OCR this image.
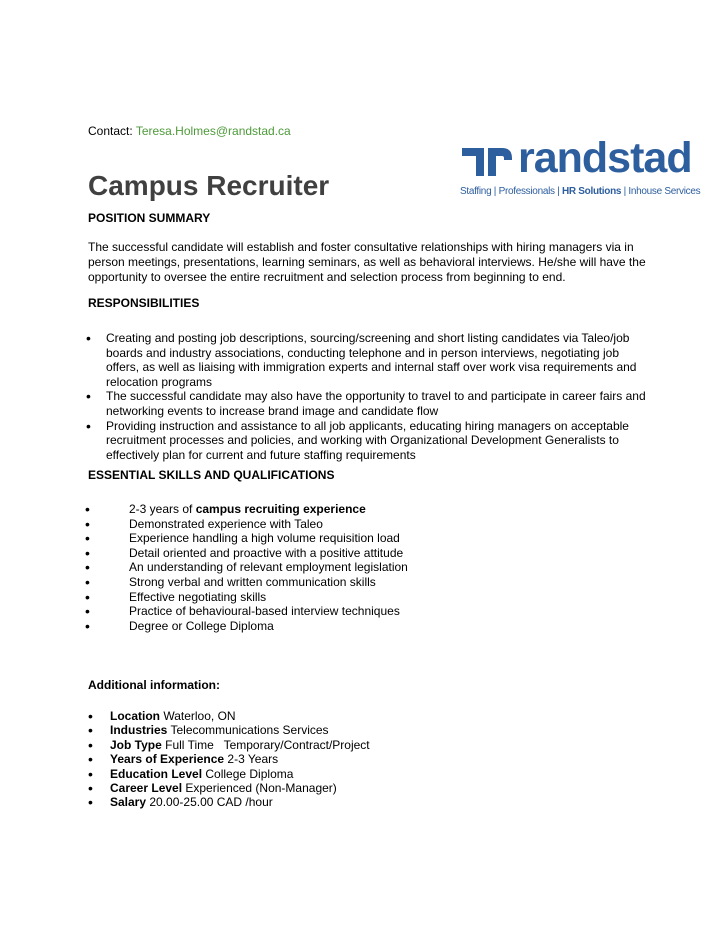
Contact: Teresa.Holmes@randstad.ca
randstad
Staffing | Professionals | HR Solutions | Inhouse Services
Campus Recruiter
POSITION SUMMARY
The successful candidate will establish and foster consultative relationships with hiring managers via in person meetings, presentations, learning seminars, as well as behavioral interviews. He/she will have the opportunity to oversee the entire recruitment and selection process from beginning to end.
RESPONSIBILITIES
• Creating and posting job descriptions, sourcing/screening and short listing candidates via Taleo/job boards and industry associations, conducting telephone and in person interviews, negotiating job offers, as well as liaising with immigration experts and internal staff over work visa requirements and relocation programs
• The successful candidate may also have the opportunity to travel to and participate in career fairs and networking events to increase brand image and candidate flow
• Providing instruction and assistance to all job applicants, educating hiring managers on acceptable recruitment processes and policies, and working with Organizational Development Generalists to effectively plan for current and future staffing requirements
ESSENTIAL SKILLS AND QUALIFICATIONS
• 2-3 years of campus recruiting experience
• Demonstrated experience with Taleo
• Experience handling a high volume requisition load
• Detail oriented and proactive with a positive attitude
• An understanding of relevant employment legislation
• Strong verbal and written communication skills
• Effective negotiating skills
• Practice of behavioural-based interview techniques
• Degree or College Diploma
Additional information:
• Location Waterloo, ON
• Industries Telecommunications Services
• Job Type Full Time   Temporary/Contract/Project
• Years of Experience 2-3 Years
• Education Level College Diploma
• Career Level Experienced (Non-Manager)
• Salary 20.00-25.00 CAD /hour
